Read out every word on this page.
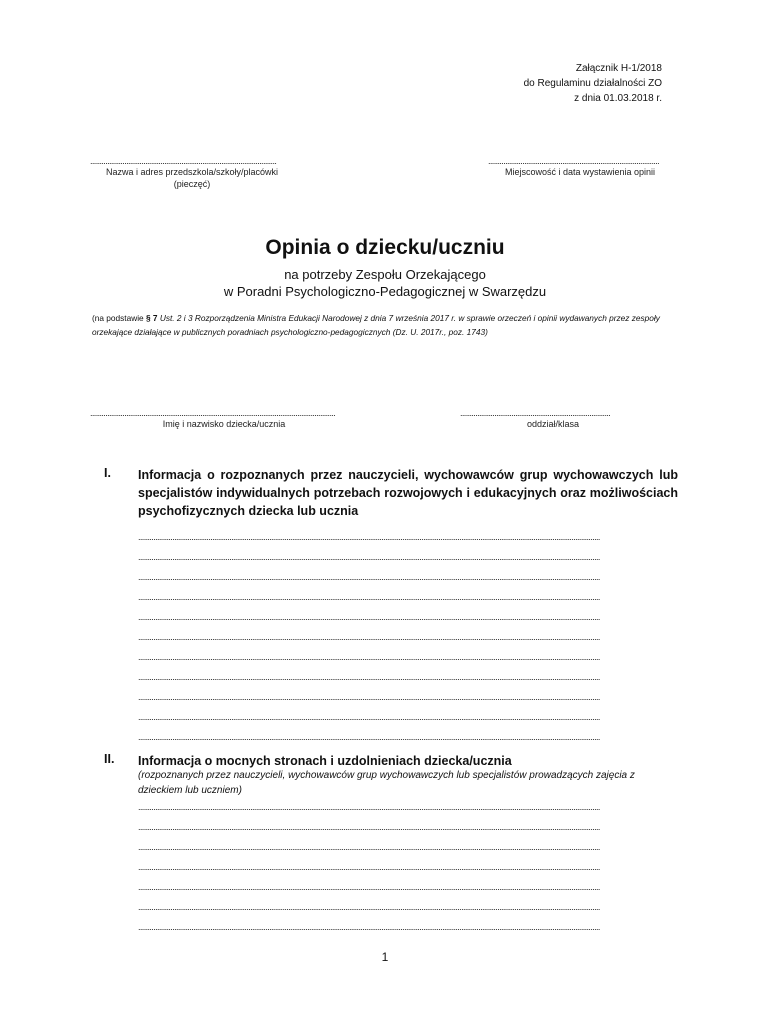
Załącznik H-1/2018
do Regulaminu działalności ZO
z dnia 01.03.2018 r.
..................................................................................................
Nazwa i adres przedszkola/szkoły/placówki
(pieczęć)
..........................................................................................
Miejscowość i data wystawienia opinii
Opinia o dziecku/uczniu
na potrzeby Zespołu Orzekającego
w Poradni Psychologiczno-Pedagogicznej w Swarzędzu
(na podstawie § 7 Ust. 2 i 3 Rozporządzenia Ministra Edukacji Narodowej z dnia 7 września 2017 r. w sprawie orzeczeń i opinii wydawanych przez zespoły orzekające działające w publicznych poradniach psychologiczno-pedagogicznych (Dz. U. 2017r., poz. 1743)
.................................................................................................................................
Imię i nazwisko dziecka/ucznia
...............................................................................
oddział/klasa
I. Informacja o rozpoznanych przez nauczycieli, wychowawców grup wychowawczych lub specjalistów indywidualnych potrzebach rozwojowych i edukacyjnych oraz możliwościach psychofizycznych dziecka lub ucznia
...................................................................................................................................................................................................................................................
...................................................................................................................................................................................................................................................
...................................................................................................................................................................................................................................................
...................................................................................................................................................................................................................................................
...................................................................................................................................................................................................................................................
...................................................................................................................................................................................................................................................
...................................................................................................................................................................................................................................................
...................................................................................................................................................................................................................................................
...................................................................................................................................................................................................................................................
...................................................................................................................................................................................................................................................
...................................................................................................................................................................................................................................................
II. Informacja o mocnych stronach i uzdolnieniach dziecka/ucznia
(rozpoznanych przez nauczycieli, wychowawców grup wychowawczych lub specjalistów prowadzących zajęcia z dzieckiem lub uczniem)
...................................................................................................................................................................................................................................................
...................................................................................................................................................................................................................................................
...................................................................................................................................................................................................................................................
...................................................................................................................................................................................................................................................
...................................................................................................................................................................................................................................................
...................................................................................................................................................................................................................................................
...................................................................................................................................................................................................................................................
1
